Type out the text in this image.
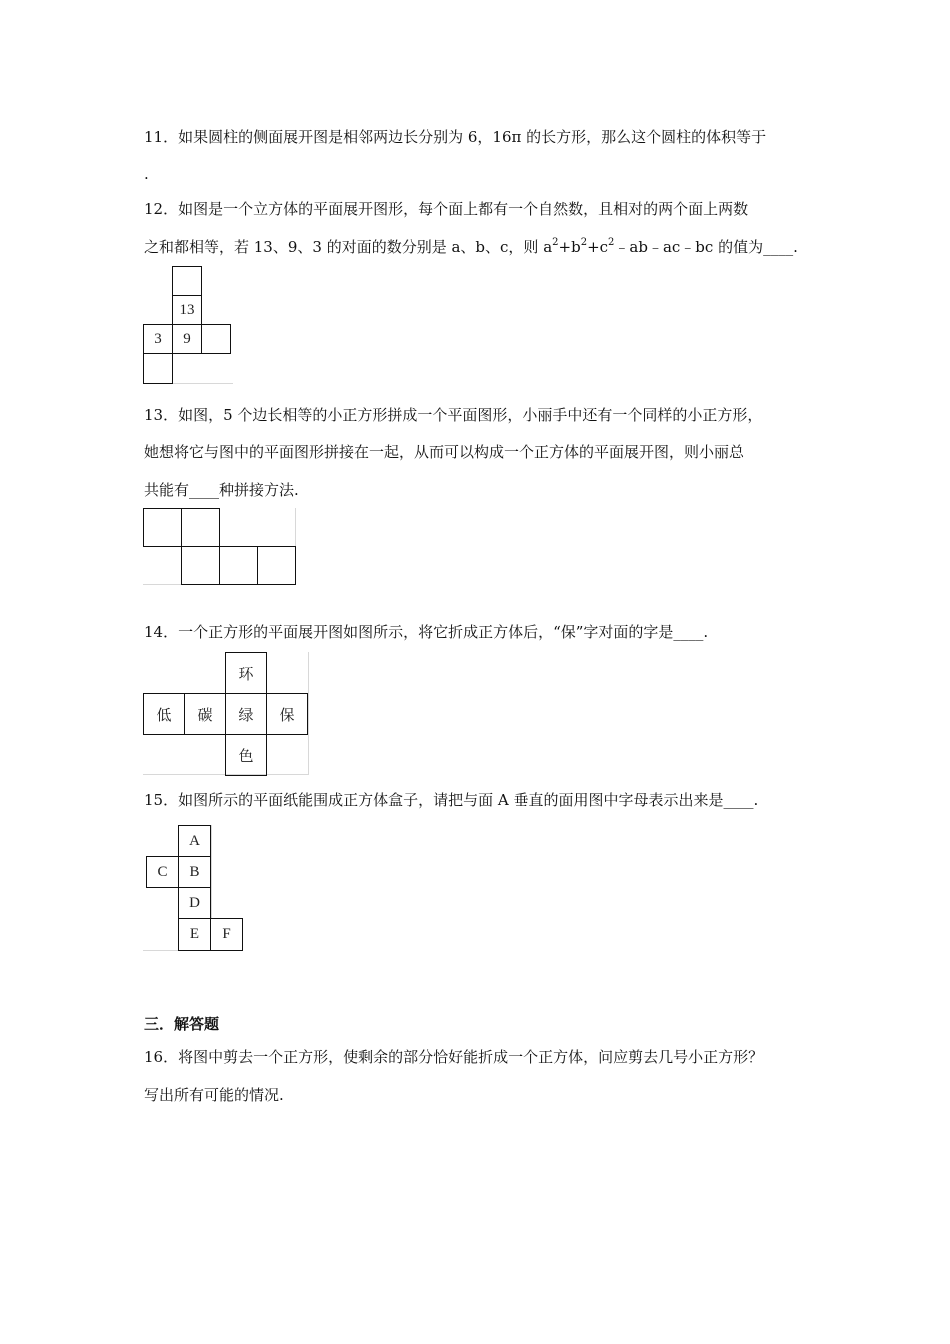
11．如果圆柱的侧面展开图是相邻两边长分别为 6，16π 的长方形，那么这个圆柱的体积等于
.
12．如图是一个立方体的平面展开图形，每个面上都有一个自然数，且相对的两个面上两数
之和都相等，若 13、9、3 的对面的数分别是 a、b、c，则 $a^2+b^2+c^2﹣ab﹣ac﹣bc$ 的值为____.
13
3	9
13．如图，5 个边长相等的小正方形拼成一个平面图形，小丽手中还有一个同样的小正方形，
她想将它与图中的平面图形拼接在一起，从而可以构成一个正方体的平面展开图，则小丽总
共能有____种拼接方法.
14．一个正方形的平面展开图如图所示，将它折成正方体后，“保”字对面的字是____.
环
低	碳	绿	保
色
15．如图所示的平面纸能围成正方体盒子，请把与面 A 垂直的面用图中字母表示出来是____.
A
C	B
D
E	F
三．解答题
16．将图中剪去一个正方形，使剩余的部分恰好能折成一个正方体，问应剪去几号小正方形？
写出所有可能的情况.
